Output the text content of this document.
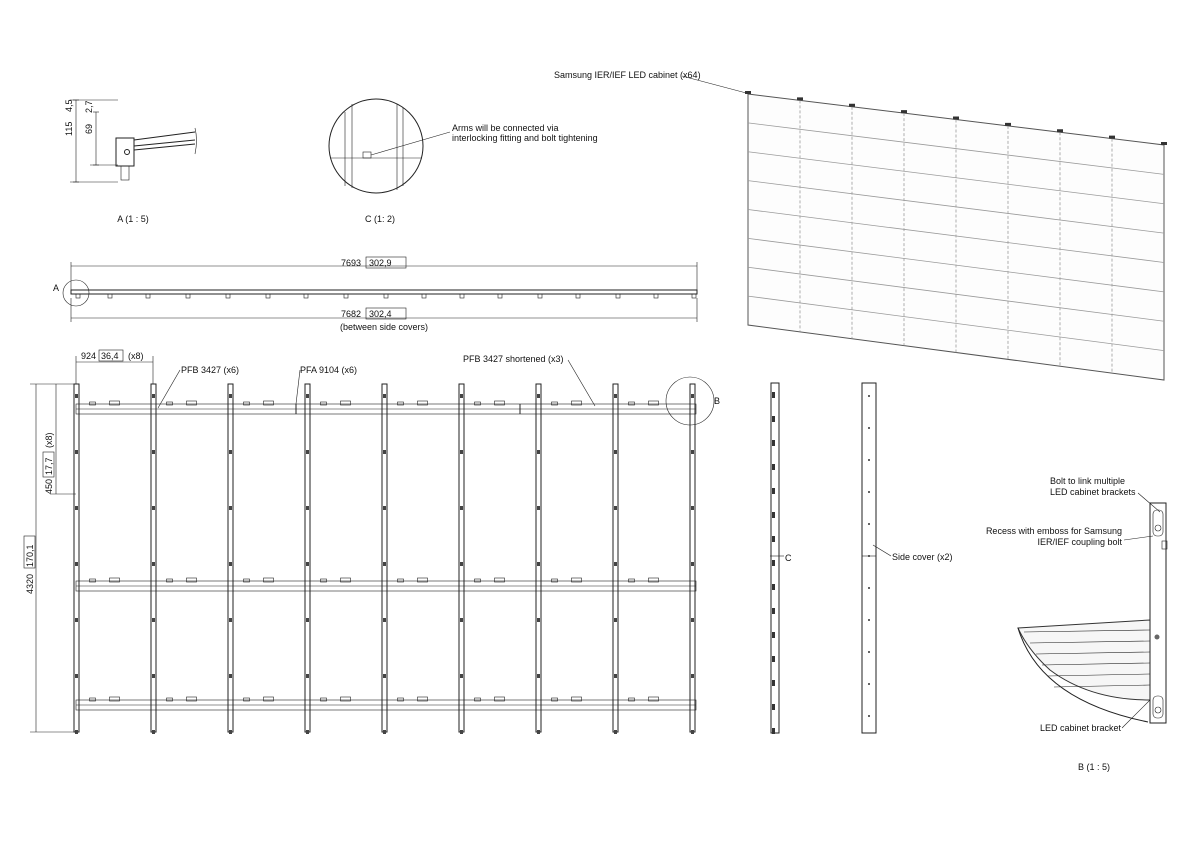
115
4,5
69
2,7
A (1 : 5)
Arms will be connected via
interlocking fitting and bolt tightening
C (1: 2)
7693 302,9
A
7682 302,4
(between side covers)
Samsung IER/IEF LED cabinet (x64)
924 36,4 (x8)
PFB 3427 (x6)	PFA 9104 (x6)
PFB 3427 shortened (x3)
B
4320
170,1
450
17,7
(x8)
C	Side cover (x2)
Bolt to link multiple
LED cabinet brackets
Recess with emboss for Samsung
IER/IEF coupling bolt
LED cabinet bracket
B (1 : 5)
